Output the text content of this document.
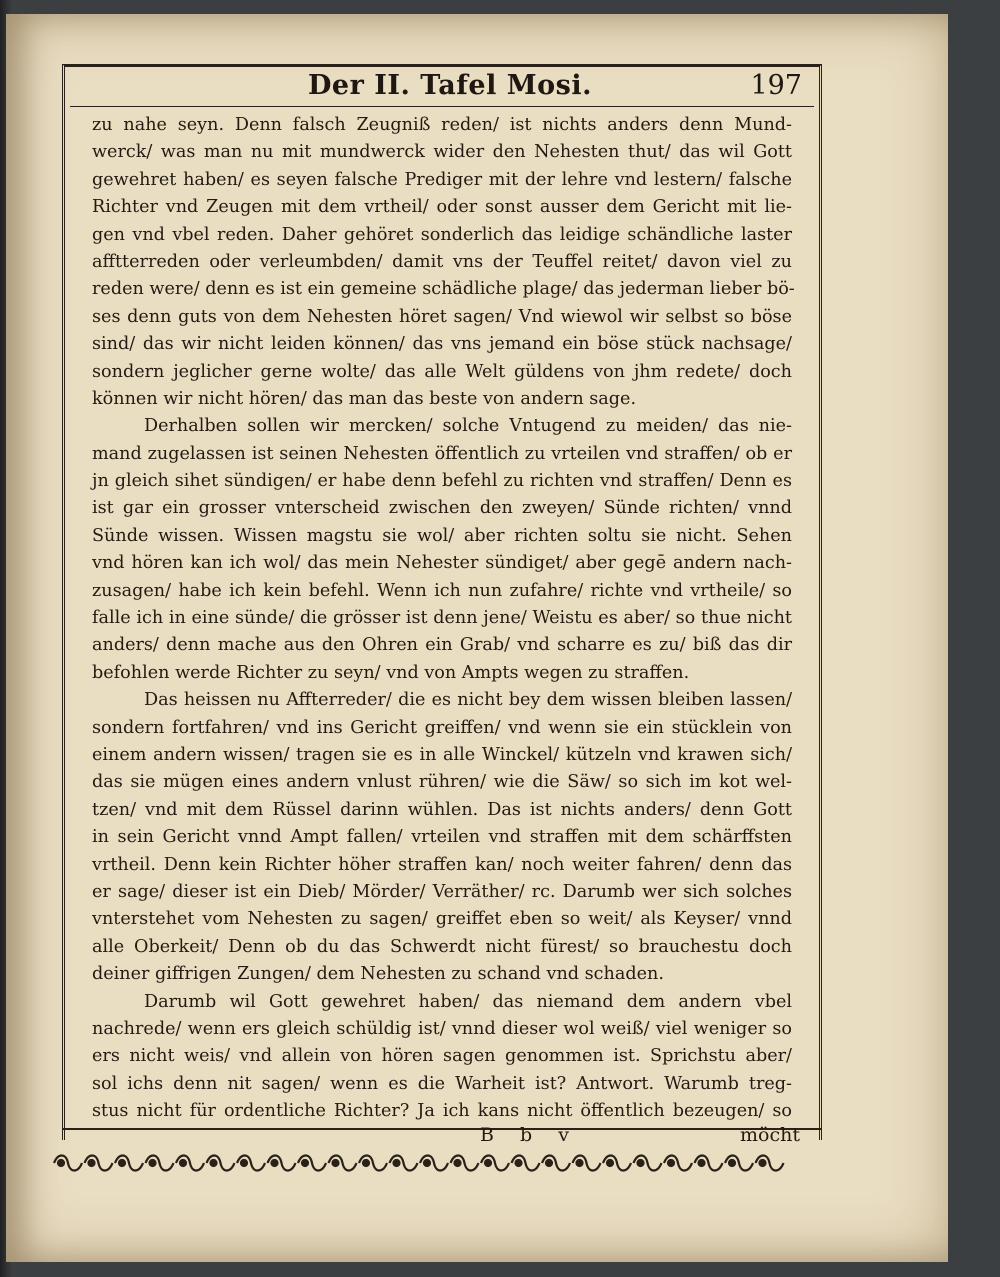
Der II. Tafel Mosi.	197
zu nahe seyn. Denn falsch Zeugniß reden/ ist nichts anders denn Mund-
werck/ was man nu mit mundwerck wider den Nehesten thut/ das wil Gott
gewehret haben/ es seyen falsche Prediger mit der lehre vnd lestern/ falsche
Richter vnd Zeugen mit dem vrtheil/ oder sonst ausser dem Gericht mit lie-
gen vnd vbel reden. Daher gehöret sonderlich das leidige schändliche laster
afftterreden oder verleumbden/ damit vns der Teuffel reitet/ davon viel zu
reden were/ denn es ist ein gemeine schädliche plage/ das jederman lieber bö-
ses denn guts von dem Nehesten höret sagen/ Vnd wiewol wir selbst so böse
sind/ das wir nicht leiden können/ das vns jemand ein böse stück nachsage/
sondern jeglicher gerne wolte/ das alle Welt güldens von jhm redete/ doch
können wir nicht hören/ das man das beste von andern sage.
Derhalben sollen wir mercken/ solche Vntugend zu meiden/ das nie-
mand zugelassen ist seinen Nehesten öffentlich zu vrteilen vnd straffen/ ob er
jn gleich sihet sündigen/ er habe denn befehl zu richten vnd straffen/ Denn es
ist gar ein grosser vnterscheid zwischen den zweyen/ Sünde richten/ vnnd
Sünde wissen. Wissen magstu sie wol/ aber richten soltu sie nicht. Sehen
vnd hören kan ich wol/ das mein Nehester sündiget/ aber gegē andern nach-
zusagen/ habe ich kein befehl. Wenn ich nun zufahre/ richte vnd vrtheile/ so
falle ich in eine sünde/ die grösser ist denn jene/ Weistu es aber/ so thue nicht
anders/ denn mache aus den Ohren ein Grab/ vnd scharre es zu/ biß das dir
befohlen werde Richter zu seyn/ vnd von Ampts wegen zu straffen.
Das heissen nu Affterreder/ die es nicht bey dem wissen bleiben lassen/
sondern fortfahren/ vnd ins Gericht greiffen/ vnd wenn sie ein stücklein von
einem andern wissen/ tragen sie es in alle Winckel/ kützeln vnd krawen sich/
das sie mügen eines andern vnlust rühren/ wie die Säw/ so sich im kot wel-
tzen/ vnd mit dem Rüssel darinn wühlen. Das ist nichts anders/ denn Gott
in sein Gericht vnnd Ampt fallen/ vrteilen vnd straffen mit dem schärffsten
vrtheil. Denn kein Richter höher straffen kan/ noch weiter fahren/ denn das
er sage/ dieser ist ein Dieb/ Mörder/ Verräther/ rc. Darumb wer sich solches
vnterstehet vom Nehesten zu sagen/ greiffet eben so weit/ als Keyser/ vnnd
alle Oberkeit/ Denn ob du das Schwerdt nicht fürest/ so brauchestu doch
deiner giffrigen Zungen/ dem Nehesten zu schand vnd schaden.
Darumb wil Gott gewehret haben/ das niemand dem andern vbel
nachrede/ wenn ers gleich schüldig ist/ vnnd dieser wol weiß/ viel weniger so
ers nicht weis/ vnd allein von hören sagen genommen ist. Sprichstu aber/
sol ichs denn nit sagen/ wenn es die Warheit ist? Antwort. Warumb treg-
stus nicht für ordentliche Richter? Ja ich kans nicht öffentlich bezeugen/ so
B b v	möcht
